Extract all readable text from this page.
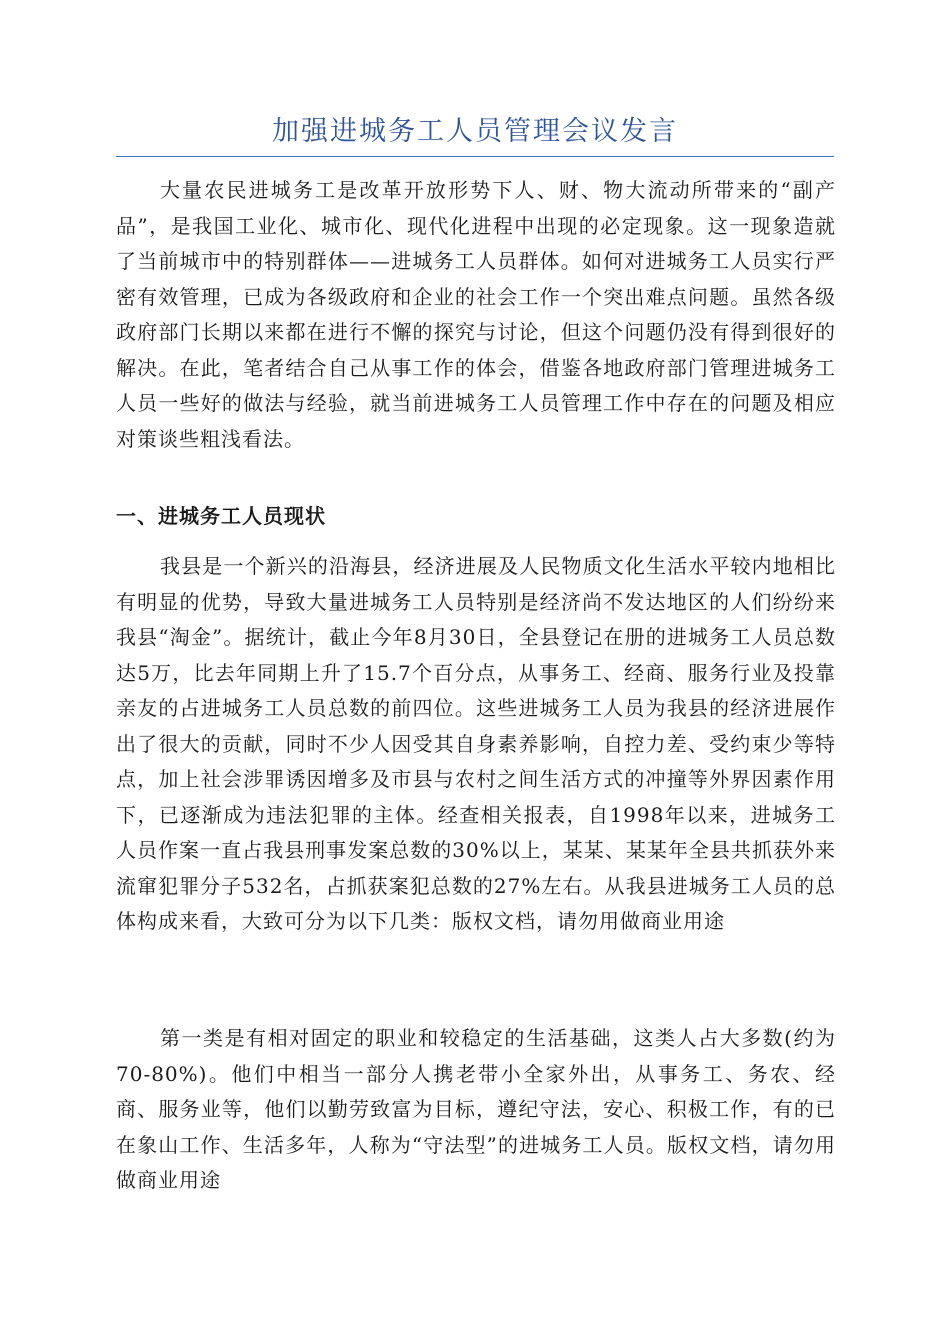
加强进城务工人员管理会议发言

大量农民进城务工是改革开放形势下人、财、物大流动所带来的“副产品”，是我国工业化、城市化、现代化进程中出现的必定现象。这一现象造就了当前城市中的特别群体——进城务工人员群体。如何对进城务工人员实行严密有效管理，已成为各级政府和企业的社会工作一个突出难点问题。虽然各级政府部门长期以来都在进行不懈的探究与讨论，但这个问题仍没有得到很好的解决。在此，笔者结合自己从事工作的体会，借鉴各地政府部门管理进城务工人员一些好的做法与经验，就当前进城务工人员管理工作中存在的问题及相应对策谈些粗浅看法。

一、进城务工人员现状

我县是一个新兴的沿海县，经济进展及人民物质文化生活水平较内地相比有明显的优势，导致大量进城务工人员特别是经济尚不发达地区的人们纷纷来我县“淘金”。据统计，截止今年8月30日，全县登记在册的进城务工人员总数达5万，比去年同期上升了15.7个百分点，从事务工、经商、服务行业及投靠亲友的占进城务工人员总数的前四位。这些进城务工人员为我县的经济进展作出了很大的贡献，同时不少人因受其自身素养影响，自控力差、受约束少等特点，加上社会涉罪诱因增多及市县与农村之间生活方式的冲撞等外界因素作用下，已逐渐成为违法犯罪的主体。经查相关报表，自1998年以来，进城务工人员作案一直占我县刑事发案总数的30%以上，某某、某某年全县共抓获外来流窜犯罪分子532名，占抓获案犯总数的27%左右。从我县进城务工人员的总体构成来看，大致可分为以下几类：版权文档，请勿用做商业用途

第一类是有相对固定的职业和较稳定的生活基础，这类人占大多数(约为70-80%)。他们中相当一部分人携老带小全家外出，从事务工、务农、经商、服务业等，他们以勤劳致富为目标，遵纪守法，安心、积极工作，有的已在象山工作、生活多年，人称为“守法型”的进城务工人员。版权文档，请勿用做商业用途
